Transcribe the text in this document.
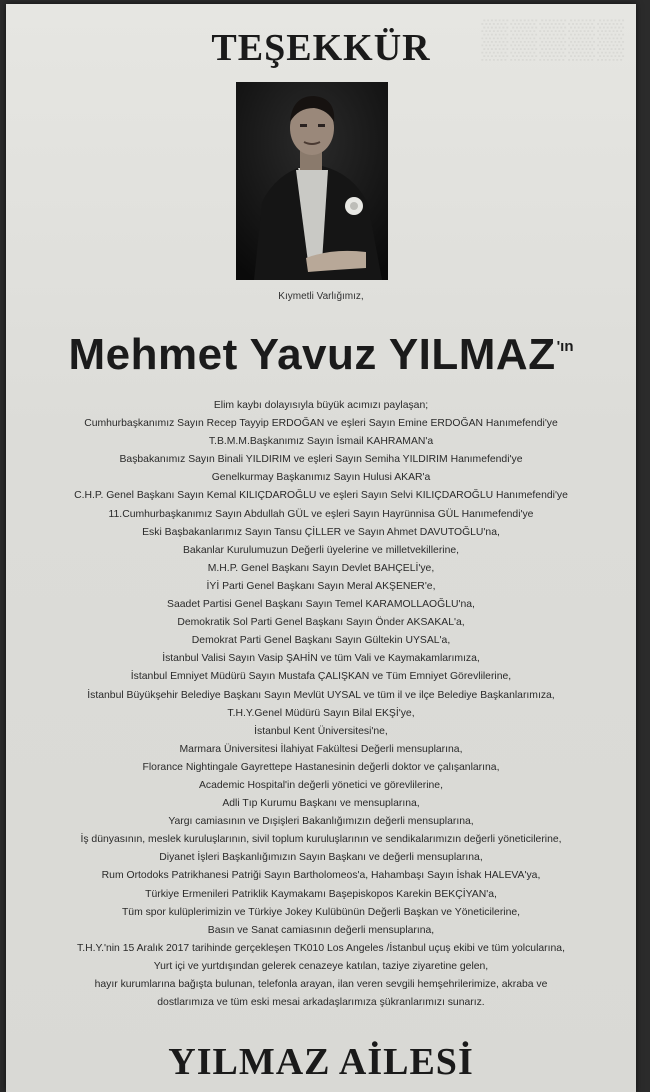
▒▒▒▒▒
TEŞEKKÜR
Kıymetli Varlığımız,
Mehmet Yavuz YILMAZ'ın
Elim kaybı dolayısıyla büyük acımızı paylaşan;
Cumhurbaşkanımız Sayın Recep Tayyip ERDOĞAN ve eşleri Sayın Emine ERDOĞAN Hanımefendi'ye
T.B.M.M.Başkanımız Sayın İsmail KAHRAMAN'a
Başbakanımız Sayın Binali YILDIRIM ve eşleri Sayın Semiha YILDIRIM Hanımefendi'ye
Genelkurmay Başkanımız Sayın Hulusi AKAR'a
C.H.P. Genel Başkanı Sayın Kemal KILIÇDAROĞLU ve eşleri Sayın Selvi KILIÇDAROĞLU Hanımefendi'ye
11.Cumhurbaşkanımız Sayın Abdullah GÜL ve eşleri Sayın Hayrünnisa GÜL Hanımefendi'ye
Eski Başbakanlarımız Sayın Tansu ÇİLLER ve Sayın Ahmet DAVUTOĞLU'na,
Bakanlar Kurulumuzun Değerli üyelerine ve milletvekillerine,
M.H.P. Genel Başkanı Sayın Devlet BAHÇELİ'ye,
İYİ Parti Genel Başkanı Sayın Meral AKŞENER'e,
Saadet Partisi Genel Başkanı Sayın Temel KARAMOLLAOĞLU'na,
Demokratik Sol Parti Genel Başkanı Sayın Önder AKSAKAL'a,
Demokrat Parti Genel Başkanı Sayın Gültekin UYSAL'a,
İstanbul Valisi Sayın Vasip ŞAHİN ve tüm Vali ve Kaymakamlarımıza,
İstanbul Emniyet Müdürü Sayın Mustafa ÇALIŞKAN ve Tüm Emniyet Görevlilerine,
İstanbul Büyükşehir Belediye Başkanı Sayın Mevlüt UYSAL ve tüm il ve ilçe Belediye Başkanlarımıza,
T.H.Y.Genel Müdürü Sayın Bilal EKŞİ'ye,
İstanbul Kent Üniversitesi'ne,
Marmara Üniversitesi İlahiyat Fakültesi Değerli mensuplarına,
Florance Nightingale Gayrettepe Hastanesinin değerli doktor ve çalışanlarına,
Academic Hospital'in değerli yönetici ve görevlilerine,
Adli Tıp Kurumu Başkanı ve mensuplarına,
Yargı camiasının ve Dışişleri Bakanlığımızın değerli mensuplarına,
İş dünyasının, meslek kuruluşlarının, sivil toplum kuruluşlarının ve sendikalarımızın değerli yöneticilerine,
Diyanet İşleri Başkanlığımızın Sayın Başkanı ve değerli mensuplarına,
Rum Ortodoks Patrikhanesi Patriği Sayın Bartholomeos'a, Hahambaşı Sayın İshak HALEVA'ya,
Türkiye Ermenileri Patriklik Kaymakamı Başepiskopos Karekin BEKÇİYAN'a,
Tüm spor kulüplerimizin ve Türkiye Jokey Kulübünün Değerli Başkan ve Yöneticilerine,
Basın ve Sanat camiasının değerli mensuplarına,
T.H.Y.'nin 15 Aralık 2017 tarihinde gerçekleşen TK010 Los Angeles /İstanbul uçuş ekibi ve tüm yolcularına,
Yurt içi ve yurtdışından gelerek cenazeye katılan, taziye ziyaretine gelen,
hayır kurumlarına bağışta bulunan, telefonla arayan, ilan veren sevgili hemşehrilerimize, akraba ve
dostlarımıza ve tüm eski mesai arkadaşlarımıza şükranlarımızı sunarız.
YILMAZ AİLESİ
